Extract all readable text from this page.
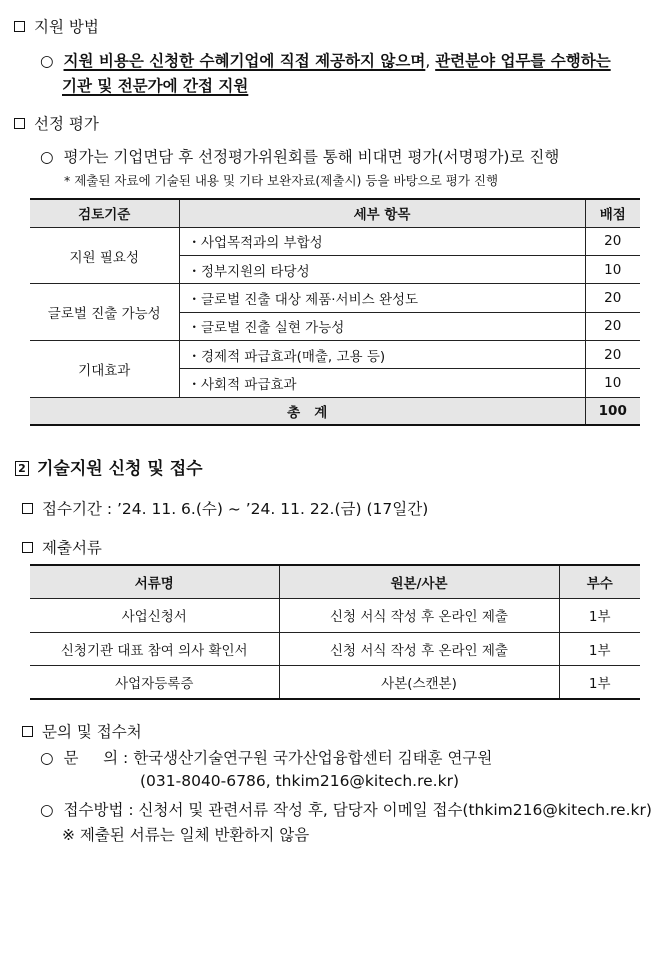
지원 방법
○ 지원 비용은 신청한 수혜기업에 직접 제공하지 않으며, 관련분야 업무를 수행하는
기관 및 전문가에 간접 지원
선정 평가
○ 평가는 기업면담 후 선정평가위원회를 통해 비대면 평가(서명평가)로 진행
* 제출된 자료에 기술된 내용 및 기타 보완자료(제출시) 등을 바탕으로 평가 진행
검토기준	세부 항목	배점
지원 필요성	・사업목적과의 부합성	20
	・정부지원의 타당성	10
글로벌 진출 가능성	・글로벌 진출 대상 제품·서비스 완성도	20
	・글로벌 진출 실현 가능성	20
기대효과	・경제적 파급효과(매출, 고용 등)	20
	・사회적 파급효과	10
총   계		100
2 기술지원 신청 및 접수
접수기간 : ’24. 11. 6.(수) ~ ’24. 11. 22.(금) (17일간)
제출서류
서류명	원본/사본	부수
사업신청서	신청 서식 작성 후 온라인 제출	1부
신청기관 대표 참여 의사 확인서	신청 서식 작성 후 온라인 제출	1부
사업자등록증	사본(스캔본)	1부
문의 및 접수처
○ 문     의 : 한국생산기술연구원 국가산업융합센터 김태훈 연구원
(031-8040-6786, thkim216@kitech.re.kr)
○ 접수방법 : 신청서 및 관련서류 작성 후, 담당자 이메일 접수(thkim216@kitech.re.kr)
※ 제출된 서류는 일체 반환하지 않음
